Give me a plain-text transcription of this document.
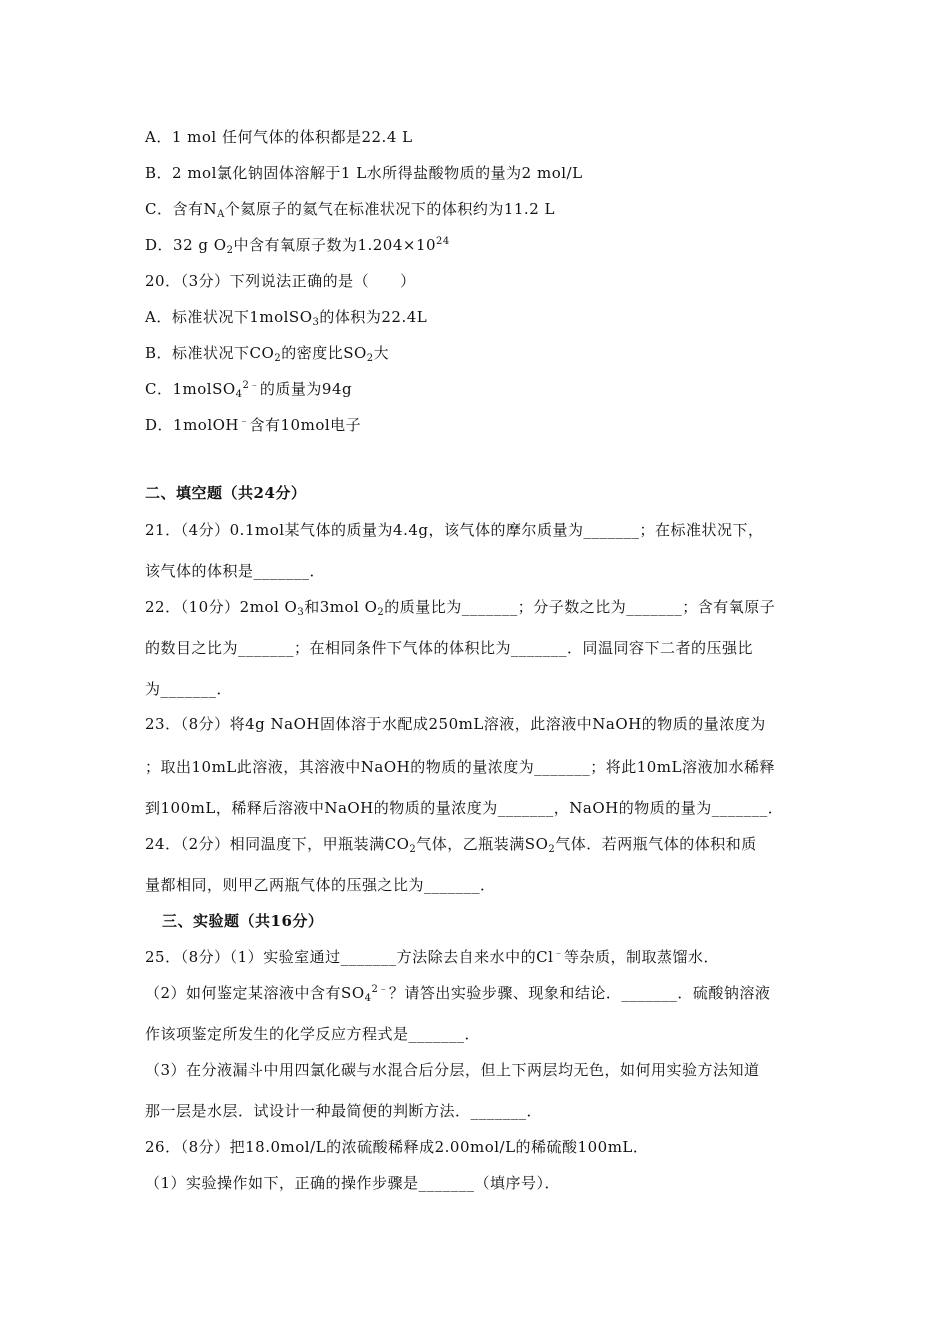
A．1 mol 任何气体的体积都是22.4 L
B．2 mol氯化钠固体溶解于1 L水所得盐酸物质的量为2 mol/L
C．含有$N_A$个氦原子的氦气在标准状况下的体积约为11.2 L
D．32 g $O_2$中含有氧原子数为$1.204\times 10^{24}$
20．（3分）下列说法正确的是（　　）
A．标准状况下1molSO$_3$的体积为22.4L
B．标准状况下$CO_2$的密度比$SO_2$大
C．1molSO$_4^{2﹣}$的质量为94g
D．1molOH﹣含有10mol电子
二、填空题（共24分）
21．（4分）0.1mol某气体的质量为4.4g，该气体的摩尔质量为_______；在标准状况下，
该气体的体积是_______．
22．（10分）2mol $O_3$和3mol $O_2$的质量比为_______；分子数之比为_______；含有氧原子
的数目之比为_______；在相同条件下气体的体积比为_______．同温同容下二者的压强比
为_______．
23．（8分）将4g NaOH固体溶于水配成250mL溶液，此溶液中NaOH的物质的量浓度为
；取出10mL此溶液，其溶液中NaOH的物质的量浓度为_______；将此10mL溶液加水稀释
到100mL，稀释后溶液中NaOH的物质的量浓度为_______，NaOH的物质的量为_______．
24．（2分）相同温度下，甲瓶装满$CO_2$气体，乙瓶装满$SO_2$气体．若两瓶气体的体积和质
量都相同，则甲乙两瓶气体的压强之比为_______．
三、实验题（共16分）
25．（8分）（1）实验室通过_______方法除去自来水中的Cl﹣等杂质，制取蒸馏水．
（2）如何鉴定某溶液中含有$SO_4^{2﹣}$？请答出实验步骤、现象和结论．_______．硫酸钠溶液
作该项鉴定所发生的化学反应方程式是_______．
（3）在分液漏斗中用四氯化碳与水混合后分层，但上下两层均无色，如何用实验方法知道
那一层是水层．试设计一种最简便的判断方法．_______．
26．（8分）把18.0mol/L的浓硫酸稀释成2.00mol/L的稀硫酸100mL．
（1）实验操作如下，正确的操作步骤是_______（填序号）．
